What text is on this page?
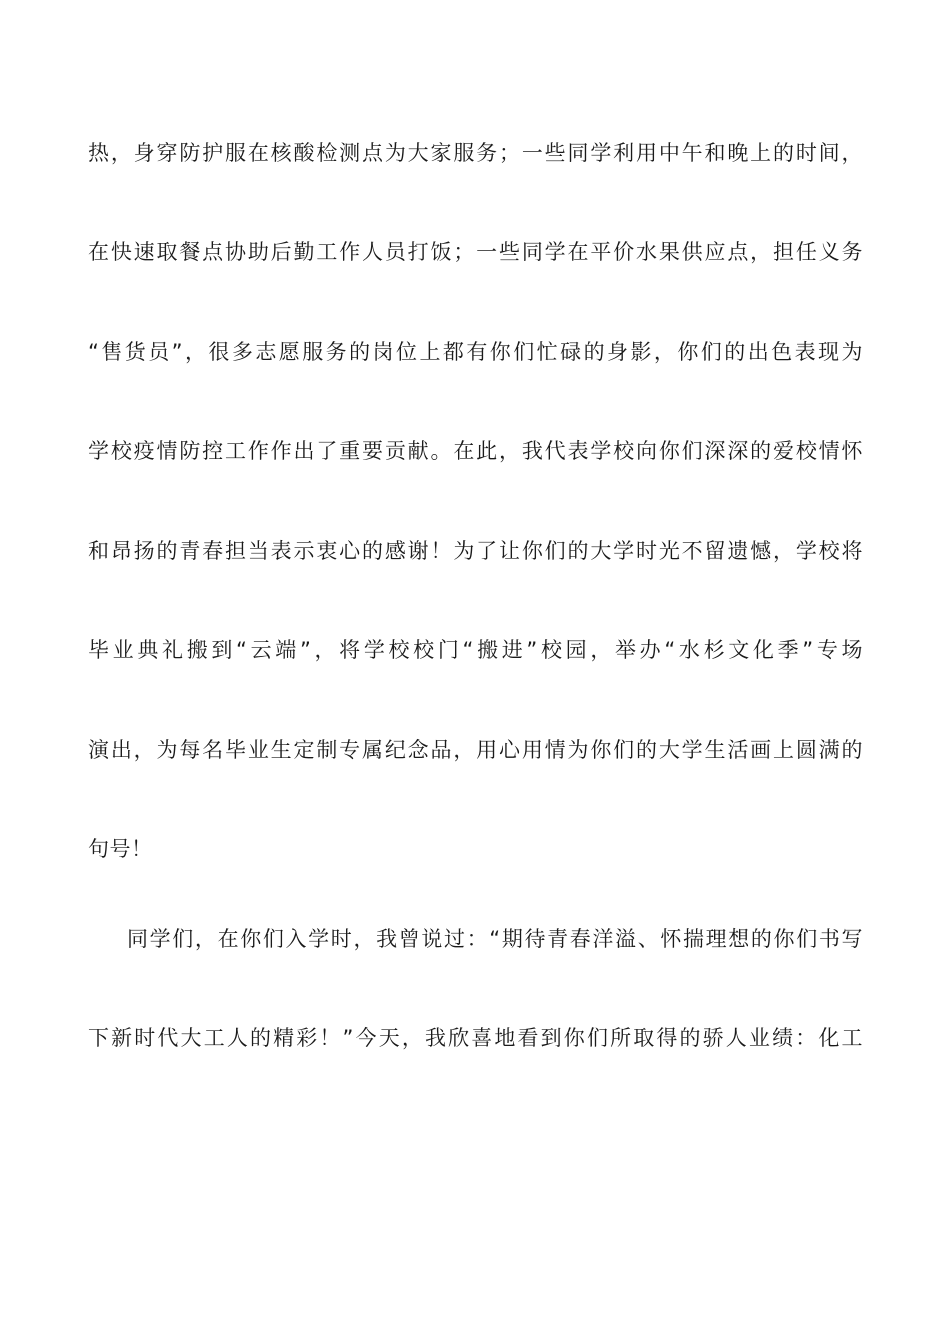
热，身穿防护服在核酸检测点为大家服务；一些同学利用中午和晚上的时间，
在快速取餐点协助后勤工作人员打饭；一些同学在平价水果供应点，担任义务
“售货员”，很多志愿服务的岗位上都有你们忙碌的身影，你们的出色表现为
学校疫情防控工作作出了重要贡献。在此，我代表学校向你们深深的爱校情怀
和昂扬的青春担当表示衷心的感谢！为了让你们的大学时光不留遗憾，学校将
毕业典礼搬到“云端”，将学校校门“搬进”校园，举办“水杉文化季”专场
演出，为每名毕业生定制专属纪念品，用心用情为你们的大学生活画上圆满的
句号！
同学们，在你们入学时，我曾说过：“期待青春洋溢、怀揣理想的你们书写
下新时代大工人的精彩！”今天，我欣喜地看到你们所取得的骄人业绩：化工
